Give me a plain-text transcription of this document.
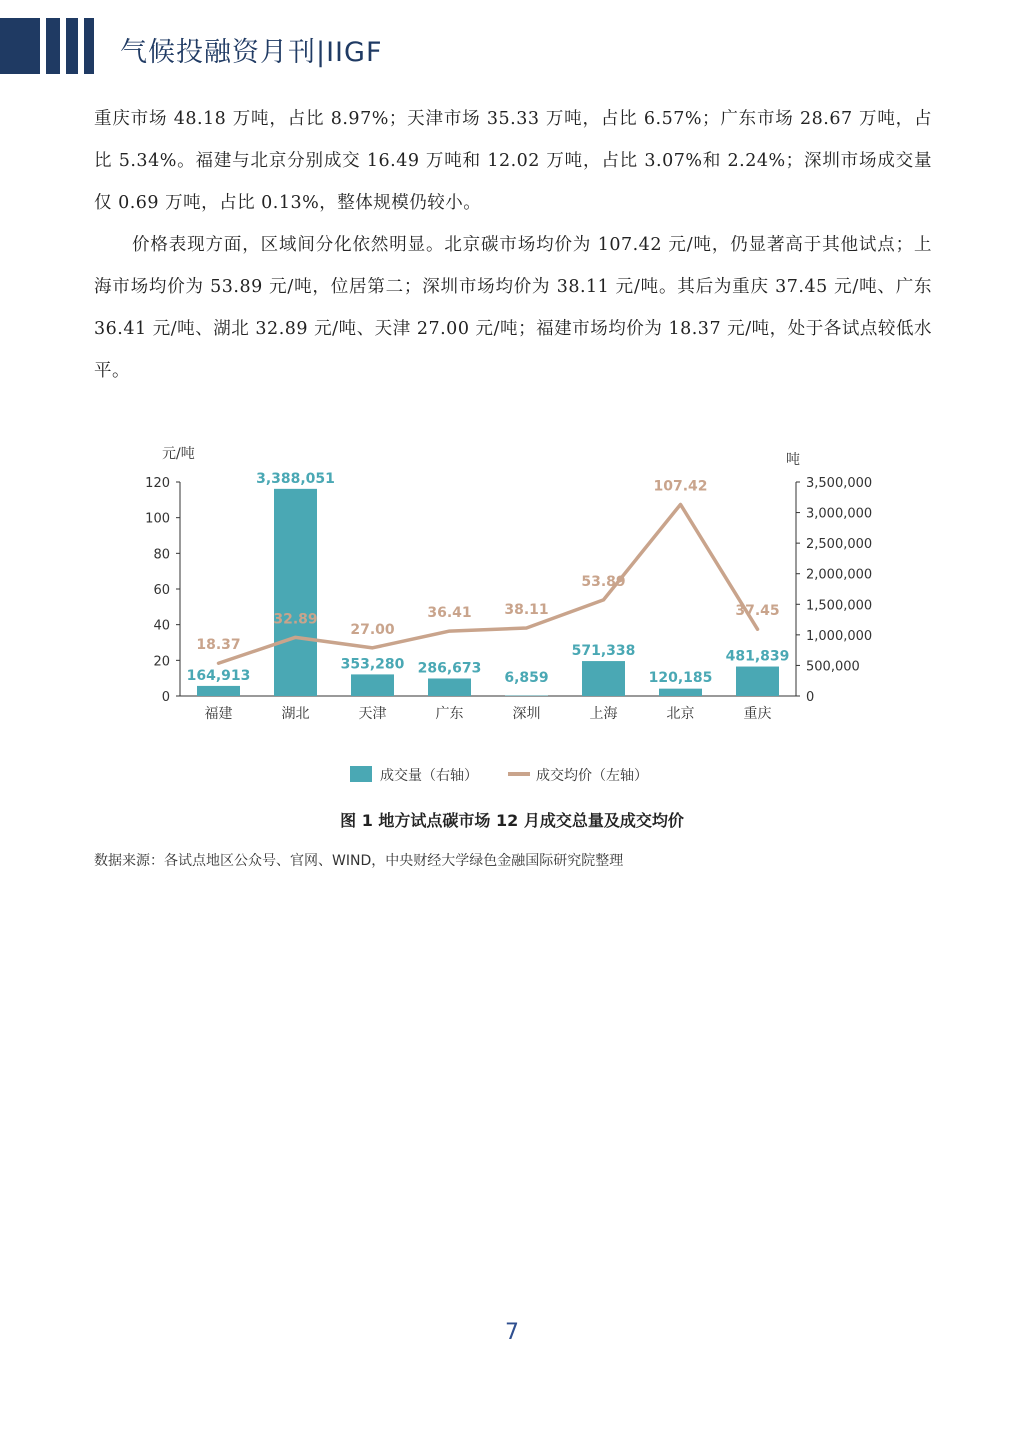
气候投融资月刊|IIGF

重庆市场 48.18 万吨，占比 8.97%；天津市场 35.33 万吨，占比 6.57%；广东市场 28.67 万吨，占比 5.34%。福建与北京分别成交 16.49 万吨和 12.02 万吨，占比 3.07%和 2.24%；深圳市场成交量仅 0.69 万吨，占比 0.13%，整体规模仍较小。

价格表现方面，区域间分化依然明显。北京碳市场均价为 107.42 元/吨，仍显著高于其他试点；上海市场均价为 53.89 元/吨，位居第二；深圳市场均价为 38.11 元/吨。其后为重庆 37.45 元/吨、广东 36.41 元/吨、湖北 32.89 元/吨、天津 27.00 元/吨；福建市场均价为 18.37 元/吨，处于各试点较低水平。

元/吨	吨
0
20
40
60
80
100
120
0
500,000
1,000,000
1,500,000
2,000,000
2,500,000
3,000,000
3,500,000
福建	湖北	天津	广东	深圳	上海	北京	重庆
164,913
3,388,051
353,280 286,673
6,859
571,338
120,185
481,839
18.37
32.89
27.00
36.41 38.11
53.89
107.42
37.45
成交量（右轴）	成交均价（左轴）
图 1 地方试点碳市场 12 月成交总量及成交均价
数据来源：各试点地区公众号、官网、WIND，中央财经大学绿色金融国际研究院整理
7
